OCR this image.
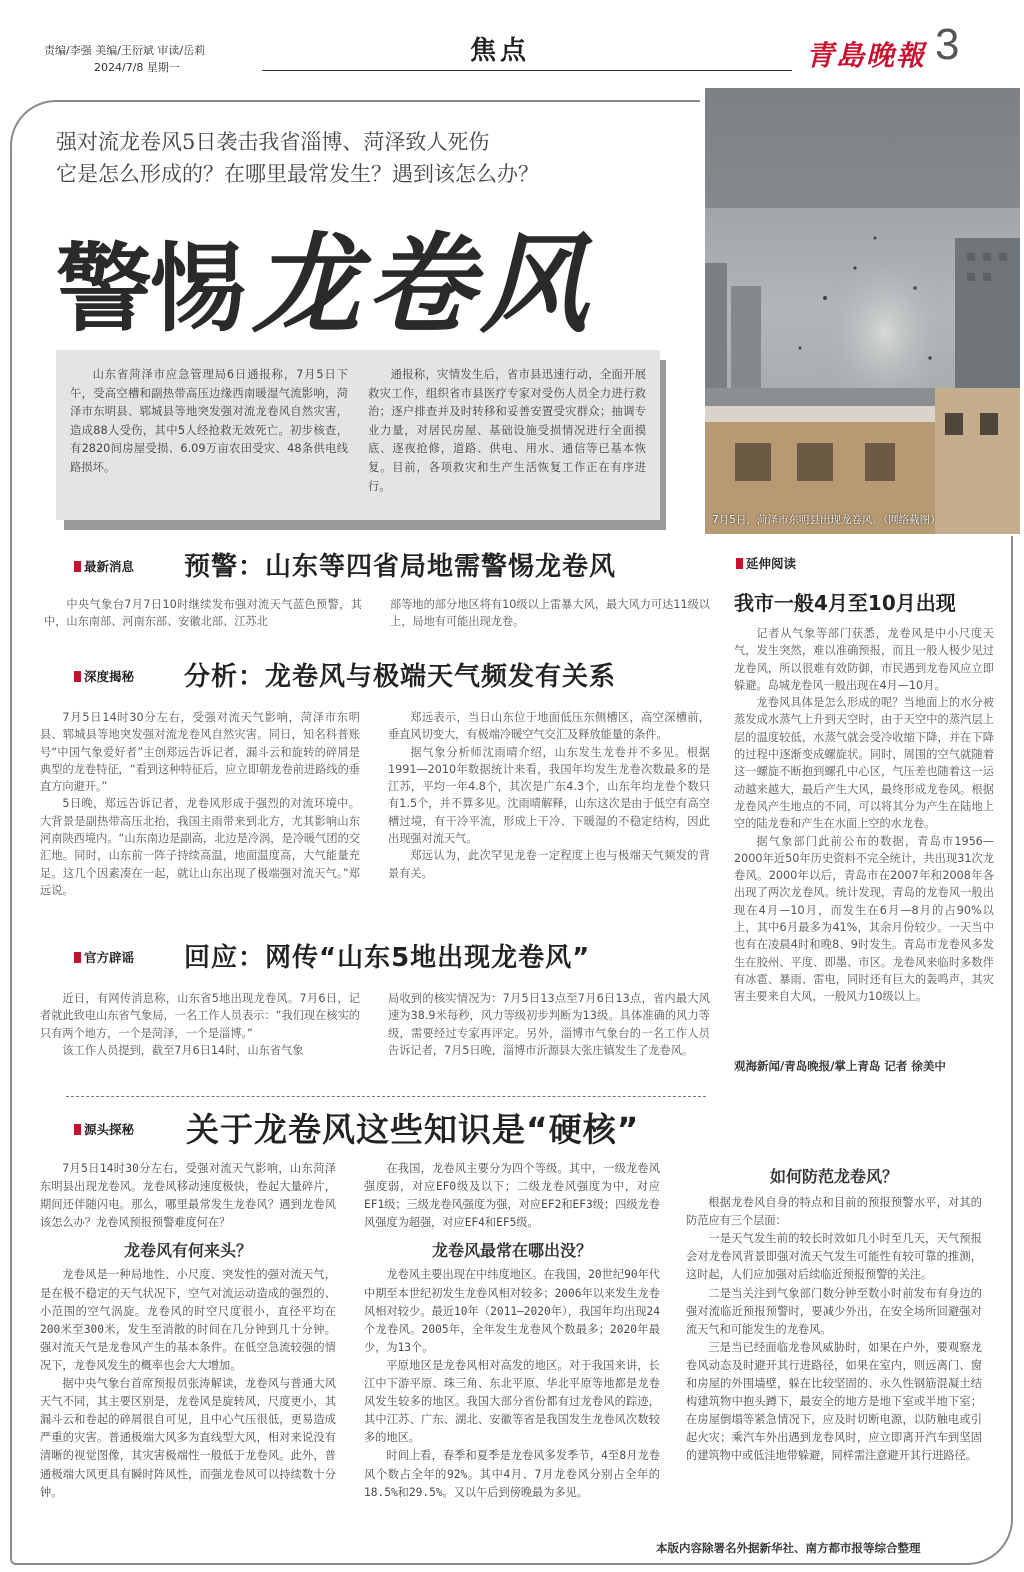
责编/李强 美编/王衍斌 审读/岳莉
2024/7/8 星期一
焦点	青島晚報 3
强对流龙卷风5日袭击我省淄博、菏泽致人死伤
它是怎么形成的？在哪里最常发生？遇到该怎么办？
警惕龙卷风
7月5日，菏泽市东明县出现龙卷风。（网络截图）

山东省菏泽市应急管理局6日通报称，7月5日下午，受高空槽和副热带高压边缘西南暖湿气流影响，菏泽市东明县、郓城县等地突发强对流龙卷风自然灾害，造成88人受伤，其中5人经抢救无效死亡。初步核查，有2820间房屋受损、6.09万亩农田受灾、48条供电线路损坏。

通报称，灾情发生后，省市县迅速行动，全面开展救灾工作，组织省市县医疗专家对受伤人员全力进行救治；逐户排查并及时转移和妥善安置受灾群众；抽调专业力量，对居民房屋、基础设施受损情况进行全面摸底、逐夜抢修，道路、供电、用水、通信等已基本恢复。目前，各项救灾和生产生活恢复工作正在有序进行。

最新消息 预警：山东等四省局地需警惕龙卷风

中央气象台7月7日10时继续发布强对流天气蓝色预警，其中，山东南部、河南东部、安徽北部、江苏北

部等地的部分地区将有10级以上雷暴大风，最大风力可达11级以上，局地有可能出现龙卷。

深度揭秘 分析：龙卷风与极端天气频发有关系

7月5日14时30分左右，受强对流天气影响，菏泽市东明县、郓城县等地突发强对流龙卷风自然灾害。同日，知名科普账号“中国气象爱好者”主创郑远告诉记者，漏斗云和旋转的碎屑是典型的龙卷特征，“看到这种特征后，应立即朝龙卷前进路线的垂直方向避开。”

5日晚，郑远告诉记者，龙卷风形成于强烈的对流环境中。大背景是副热带高压北抬，我国主雨带来到北方，尤其影响山东河南陕西境内。“山东南边是副高，北边是冷涡，是冷暖气团的交汇地。同时，山东前一阵子持续高温，地面温度高，大气能量充足。这几个因素凑在一起，就让山东出现了极端强对流天气。”郑远说。

郑远表示，当日山东位于地面低压东侧槽区，高空深槽前，垂直风切变大，有极端冷暖空气交汇及释放能量的条件。

据气象分析师沈雨晴介绍，山东发生龙卷并不多见。根据1991—2010年数据统计来看，我国年均发生龙卷次数最多的是江苏，平均一年4.8个，其次是广东4.3个，山东年均龙卷个数只有1.5个，并不算多见。沈雨晴解释，山东这次是由于低空有高空槽过境，有干冷平流，形成上干冷、下暖湿的不稳定结构，因此出现强对流天气。

郑远认为，此次罕见龙卷一定程度上也与极端天气频发的背景有关。

官方辟谣 回应：网传“山东5地出现龙卷风”

近日，有网传消息称，山东省5地出现龙卷风。7月6日，记者就此致电山东省气象局，一名工作人员表示：“我们现在核实的只有两个地方，一个是菏泽，一个是淄博。”

该工作人员提到，截至7月6日14时，山东省气象

局收到的核实情况为：7月5日13点至7月6日13点，省内最大风速为38.9米每秒，风力等级初步判断为13级。具体准确的风力等级，需要经过专家再评定。另外，淄博市气象台的一名工作人员告诉记者，7月5日晚，淄博市沂源县大张庄镇发生了龙卷风。

延伸阅读
我市一般4月至10月出现

记者从气象等部门获悉，龙卷风是中小尺度天气，发生突然，难以准确预报，而且一般人极少见过龙卷风，所以很难有效防御，市民遇到龙卷风应立即躲避。岛城龙卷风一般出现在4月—10月。

龙卷风具体是怎么形成的呢？当地面上的水分被蒸发成水蒸气上升到天空时，由于天空中的蒸汽层上层的温度较低，水蒸气就会受冷收缩下降，并在下降的过程中逐渐变成螺旋状。同时，周围的空气就随着这一螺旋不断抱到螺孔中心区，气压差也随着这一运动越来越大，最后产生大风，最终形成龙卷风。根据龙卷风产生地点的不同，可以将其分为产生在陆地上空的陆龙卷和产生在水面上空的水龙卷。

据气象部门此前公布的数据，青岛市1956—2000年近50年历史资料不完全统计，共出现31次龙卷风。2000年以后，青岛市在2007年和2008年各出现了两次龙卷风。统计发现，青岛的龙卷风一般出现在4月—10月，而发生在6月—8月的占90%以上，其中6月最多为41%，其余月份较少。一天当中也有在凌晨4时和晚8、9时发生。青岛市龙卷风多发生在胶州、平度、即墨、市区。龙卷风来临时多数伴有冰雹、暴雨、雷电，同时还有巨大的轰鸣声，其灾害主要来自大风，一般风力10级以上。

观海新闻/青岛晚报/掌上青岛 记者 徐美中
源头探秘 关于龙卷风这些知识是“硬核”

7月5日14时30分左右，受强对流天气影响，山东菏泽东明县出现龙卷风。龙卷风移动速度极快，卷起大量碎片，期间还伴随闪电。那么，哪里最常发生龙卷风？遇到龙卷风该怎么办？龙卷风预报预警难度何在？

龙卷风有何来头？

龙卷风是一种局地性、小尺度、突发性的强对流天气，是在极不稳定的天气状况下，空气对流运动造成的强烈的、小范围的空气涡旋。龙卷风的时空尺度很小，直径平均在200米至300米，发生至消散的时间在几分钟到几十分钟。强对流天气是龙卷风产生的基本条件。在低空急流较强的情况下，龙卷风发生的概率也会大大增加。

据中央气象台首席预报员张涛解读，龙卷风与普通大风天气不同，其主要区别是，龙卷风是旋转风，尺度更小，其漏斗云和卷起的碎屑很自可见，且中心气压很低，更易造成严重的灾害。普通极端大风多为直线型大风，相对来说没有清晰的视觉图像，其灾害极端性一般低于龙卷风。此外，普通极端大风更具有瞬时阵风性，而强龙卷风可以持续数十分钟。

在我国，龙卷风主要分为四个等级。其中，一级龙卷风强度弱，对应EF0级及以下；二级龙卷风强度为中，对应EF1级；三级龙卷风强度为强，对应EF2和EF3级；四级龙卷风强度为超强，对应EF4和EF5级。

龙卷风最常在哪出没？

龙卷风主要出现在中纬度地区。在我国，20世纪90年代中期至本世纪初发生龙卷风相对较多；2006年以来发生龙卷风相对较少。最近10年（2011—2020年），我国年均出现24个龙卷风。2005年，全年发生龙卷风个数最多；2020年最少，为13个。

平原地区是龙卷风相对高发的地区。对于我国来讲，长江中下游平原、珠三角、东北平原、华北平原等地都是龙卷风发生较多的地区。我国大部分省份都有过龙卷风的踪迹，其中江苏、广东、湖北、安徽等省是我国发生龙卷风次数较多的地区。

时间上看，春季和夏季是龙卷风多发季节，4至8月龙卷风个数占全年的92%。其中4月、7月龙卷风分别占全年的18.5%和29.5%。又以午后到傍晚最为多见。

如何防范龙卷风？

根据龙卷风自身的特点和目前的预报预警水平，对其的防范应有三个层面：

一是天气发生前的较长时效如几小时至几天，天气预报会对龙卷风背景即强对流天气发生可能性有较可靠的推测，这时起，人们应加强对后续临近预报预警的关注。

二是当关注到气象部门数分钟至数小时前发布有身边的强对流临近预报预警时，要减少外出，在安全场所回避强对流天气和可能发生的龙卷风。

三是当已经面临龙卷风威胁时，如果在户外，要观察龙卷风动态及时避开其行进路径，如果在室内，则远离门、窗和房屋的外围墙壁，躲在比较坚固的、永久性钢筋混凝土结构建筑物中抱头蹲下，最安全的地方是地下室或半地下室；在房屋倒塌等紧急情况下，应及时切断电源，以防触电或引起火灾；乘汽车外出遇到龙卷风时，应立即离开汽车到坚固的建筑物中或低洼地带躲避，同样需注意避开其行进路径。

本版内容除署名外据新华社、南方都市报等综合整理
